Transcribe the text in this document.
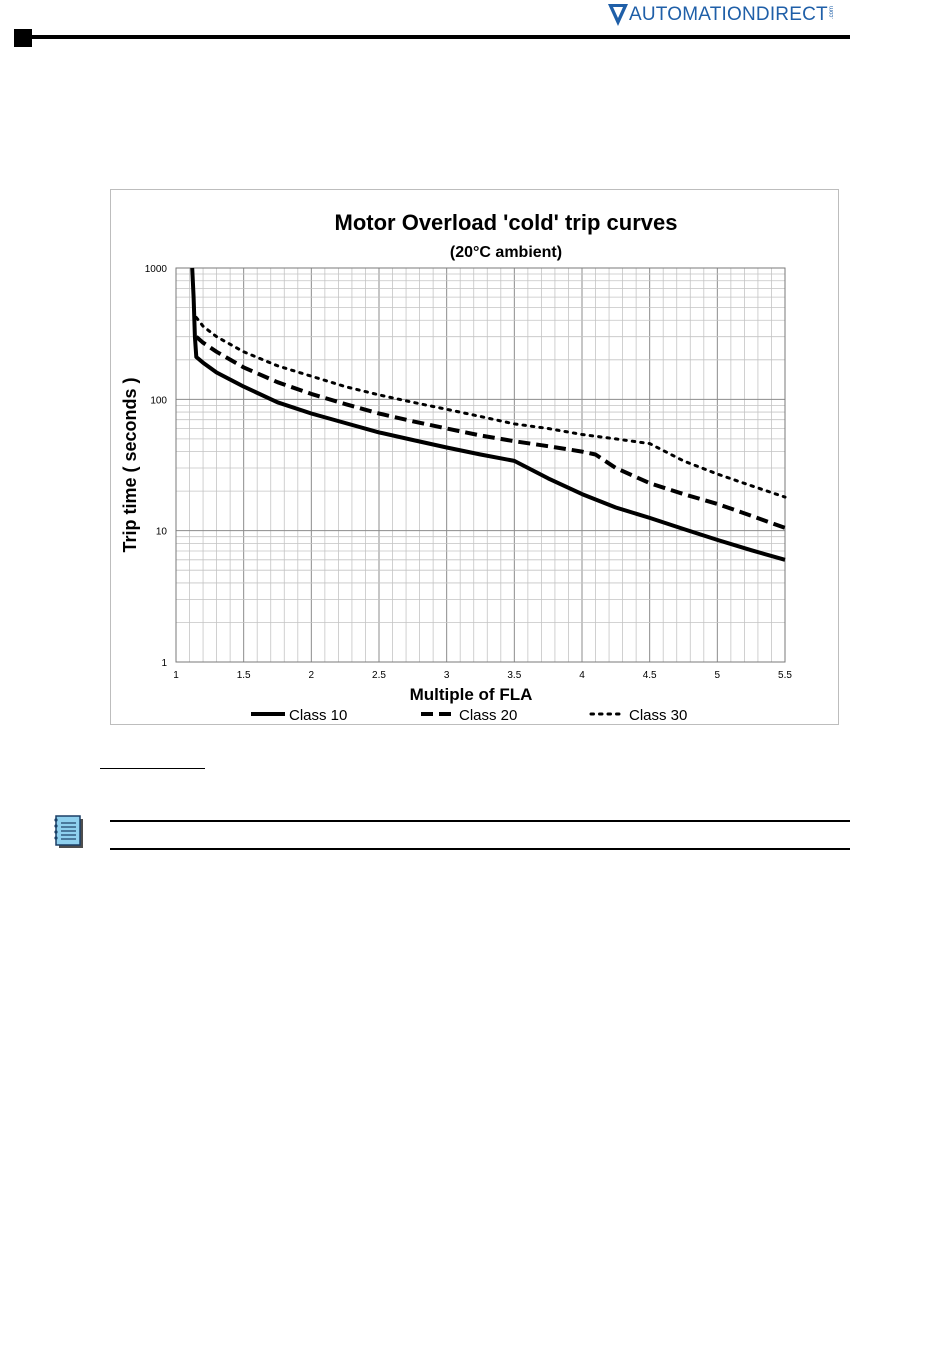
AUTOMATIONDIRECT .com
1	1.5	2	2.5	3	3.5	4	4.5	5	5.5
1
10
100
1000
Class 10	Class 20	Class 30
Motor Overload 'cold' trip curves
(20°C ambient)
Multiple of FLA
Trip time ( seconds )
